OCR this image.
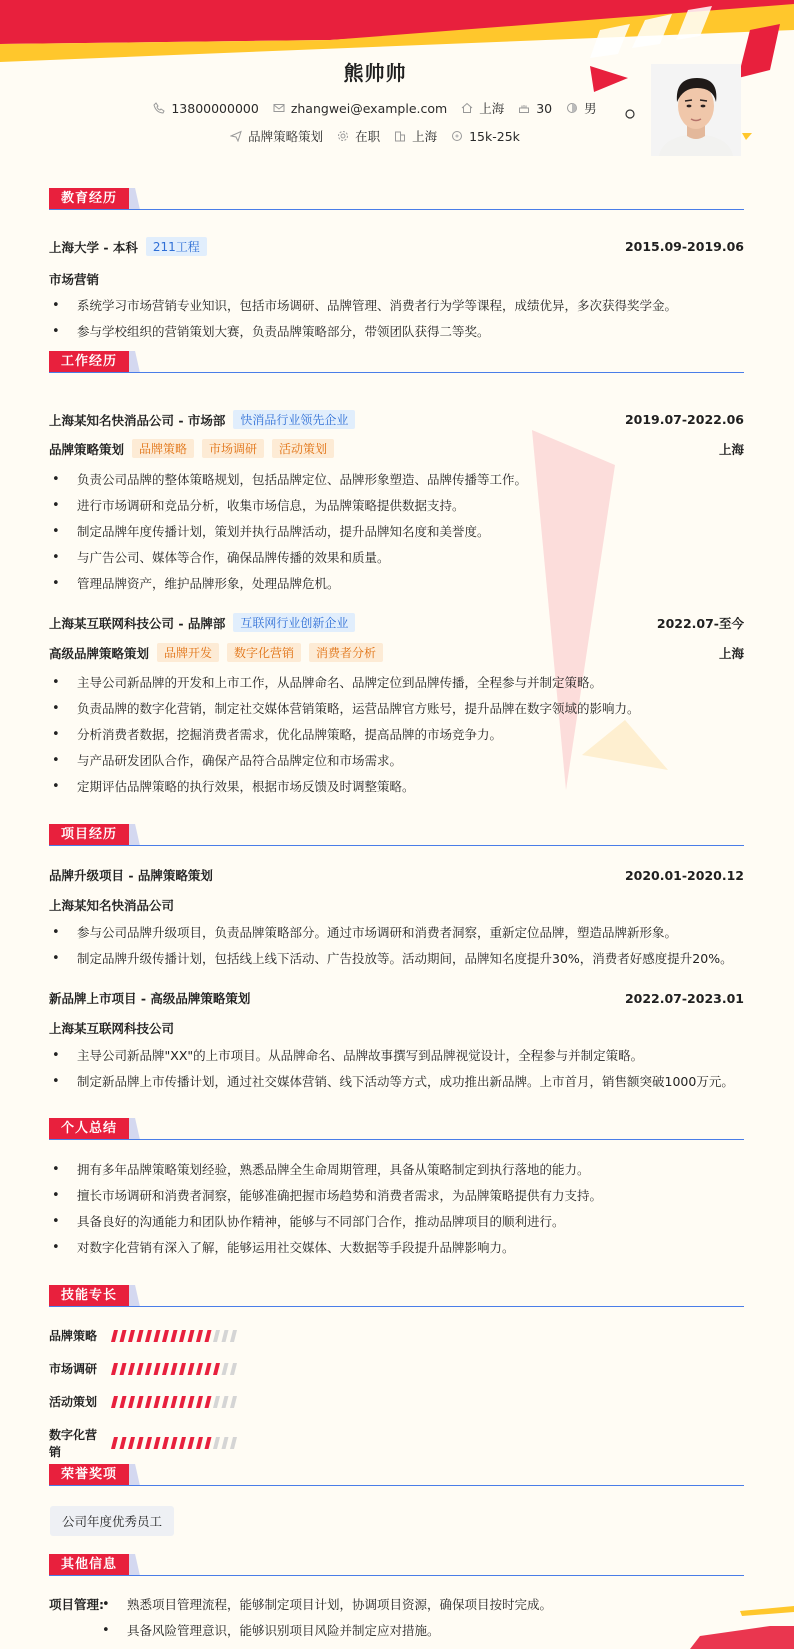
熊帅帅
13800000000	zhangwei@example.com	上海	30	男
品牌策略策划	在职	上海	15k-25k
教育经历
上海大学 - 本科	211工程	2015.09-2019.06
市场营销
• 系统学习市场营销专业知识，包括市场调研、品牌管理、消费者行为学等课程，成绩优异，多次获得奖学金。
• 参与学校组织的营销策划大赛，负责品牌策略部分，带领团队获得二等奖。
工作经历
上海某知名快消品公司 - 市场部	快消品行业领先企业	2019.07-2022.06
品牌策略策划	品牌策略	市场调研	活动策划	上海
• 负责公司品牌的整体策略规划，包括品牌定位、品牌形象塑造、品牌传播等工作。
• 进行市场调研和竞品分析，收集市场信息，为品牌策略提供数据支持。
• 制定品牌年度传播计划，策划并执行品牌活动，提升品牌知名度和美誉度。
• 与广告公司、媒体等合作，确保品牌传播的效果和质量。
• 管理品牌资产，维护品牌形象，处理品牌危机。
上海某互联网科技公司 - 品牌部	互联网行业创新企业	2022.07-至今
高级品牌策略策划	品牌开发	数字化营销	消费者分析	上海
• 主导公司新品牌的开发和上市工作，从品牌命名、品牌定位到品牌传播，全程参与并制定策略。
• 负责品牌的数字化营销，制定社交媒体营销策略，运营品牌官方账号，提升品牌在数字领域的影响力。
• 分析消费者数据，挖掘消费者需求，优化品牌策略，提高品牌的市场竞争力。
• 与产品研发团队合作，确保产品符合品牌定位和市场需求。
• 定期评估品牌策略的执行效果，根据市场反馈及时调整策略。
项目经历
品牌升级项目 - 品牌策略策划	2020.01-2020.12
上海某知名快消品公司
• 参与公司品牌升级项目，负责品牌策略部分。通过市场调研和消费者洞察，重新定位品牌，塑造品牌新形象。
• 制定品牌升级传播计划，包括线上线下活动、广告投放等。活动期间，品牌知名度提升30%，消费者好感度提升20%。
新品牌上市项目 - 高级品牌策略策划	2022.07-2023.01
上海某互联网科技公司
• 主导公司新品牌"XX"的上市项目。从品牌命名、品牌故事撰写到品牌视觉设计，全程参与并制定策略。
• 制定新品牌上市传播计划，通过社交媒体营销、线下活动等方式，成功推出新品牌。上市首月，销售额突破1000万元。
个人总结
• 拥有多年品牌策略策划经验，熟悉品牌全生命周期管理，具备从策略制定到执行落地的能力。
• 擅长市场调研和消费者洞察，能够准确把握市场趋势和消费者需求，为品牌策略提供有力支持。
• 具备良好的沟通能力和团队协作精神，能够与不同部门合作，推动品牌项目的顺利进行。
• 对数字化营销有深入了解，能够运用社交媒体、大数据等手段提升品牌影响力。
技能专长
品牌策略
市场调研
活动策划
数字化营销
荣誉奖项
公司年度优秀员工
其他信息
项目管理:
•	熟悉项目管理流程，能够制定项目计划，协调项目资源，确保项目按时完成。
• 具备风险管理意识，能够识别项目风险并制定应对措施。
